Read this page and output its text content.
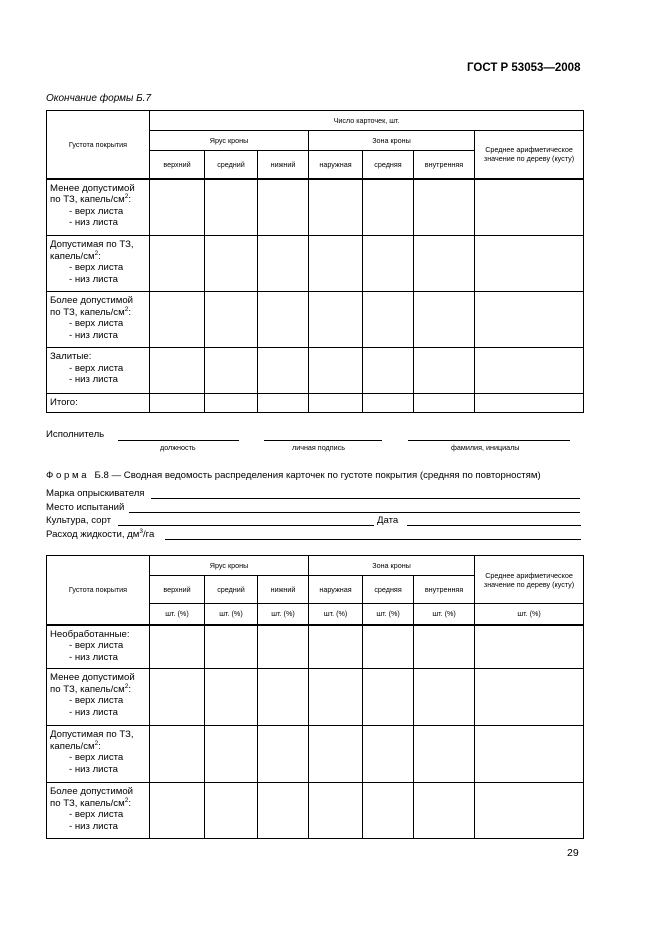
ГОСТ Р 53053—2008
Окончание формы Б.7
Густота покрытия	Число карточек, шт.						
	Ярус кроны			Зона кроны			Среднее арифметическое значение по дереву (кусту)
	верхний	средний	нижний	наружная	средняя	внутренняя	
Менее допустимой
по ТЗ, капель/$см^2$:
- верх листа
- низ листа							

Допустимая по ТЗ,
капель/$см^2$:
- верх листа
- низ листа							

Более допустимой
по ТЗ, капель/$см^2$:
- верх листа
- низ листа							

Залитые:
- верх листа
- низ листа							

Итого:							
Исполнитель
должность	личная подпись	фамилия, инициалы
Ф о р м а   Б.8 — Сводная ведомость распределения карточек по густоте покрытия (средняя по повторностям)
Марка опрыскивателя
Место испытаний
Культура, сорт	Дата
Расход жидкости, $дм^3/га$
Густота покрытия	Ярус кроны			Зона кроны			Среднее арифметическое значение по дереву (кусту)
	верхний	средний	нижний	наружная	средняя	внутренняя	
	шт. (%)	шт. (%)	шт. (%)	шт. (%)	шт. (%)	шт. (%)	шт. (%)
Необработанные:
- верх листа
- низ листа							

Менее допустимой
по ТЗ, капель/$см^2$:
- верх листа
- низ листа							

Допустимая по ТЗ,
капель/$см^2$:
- верх листа
- низ листа							

Более допустимой
по ТЗ, капель/$см^2$:
- верх листа
- низ листа							

29
